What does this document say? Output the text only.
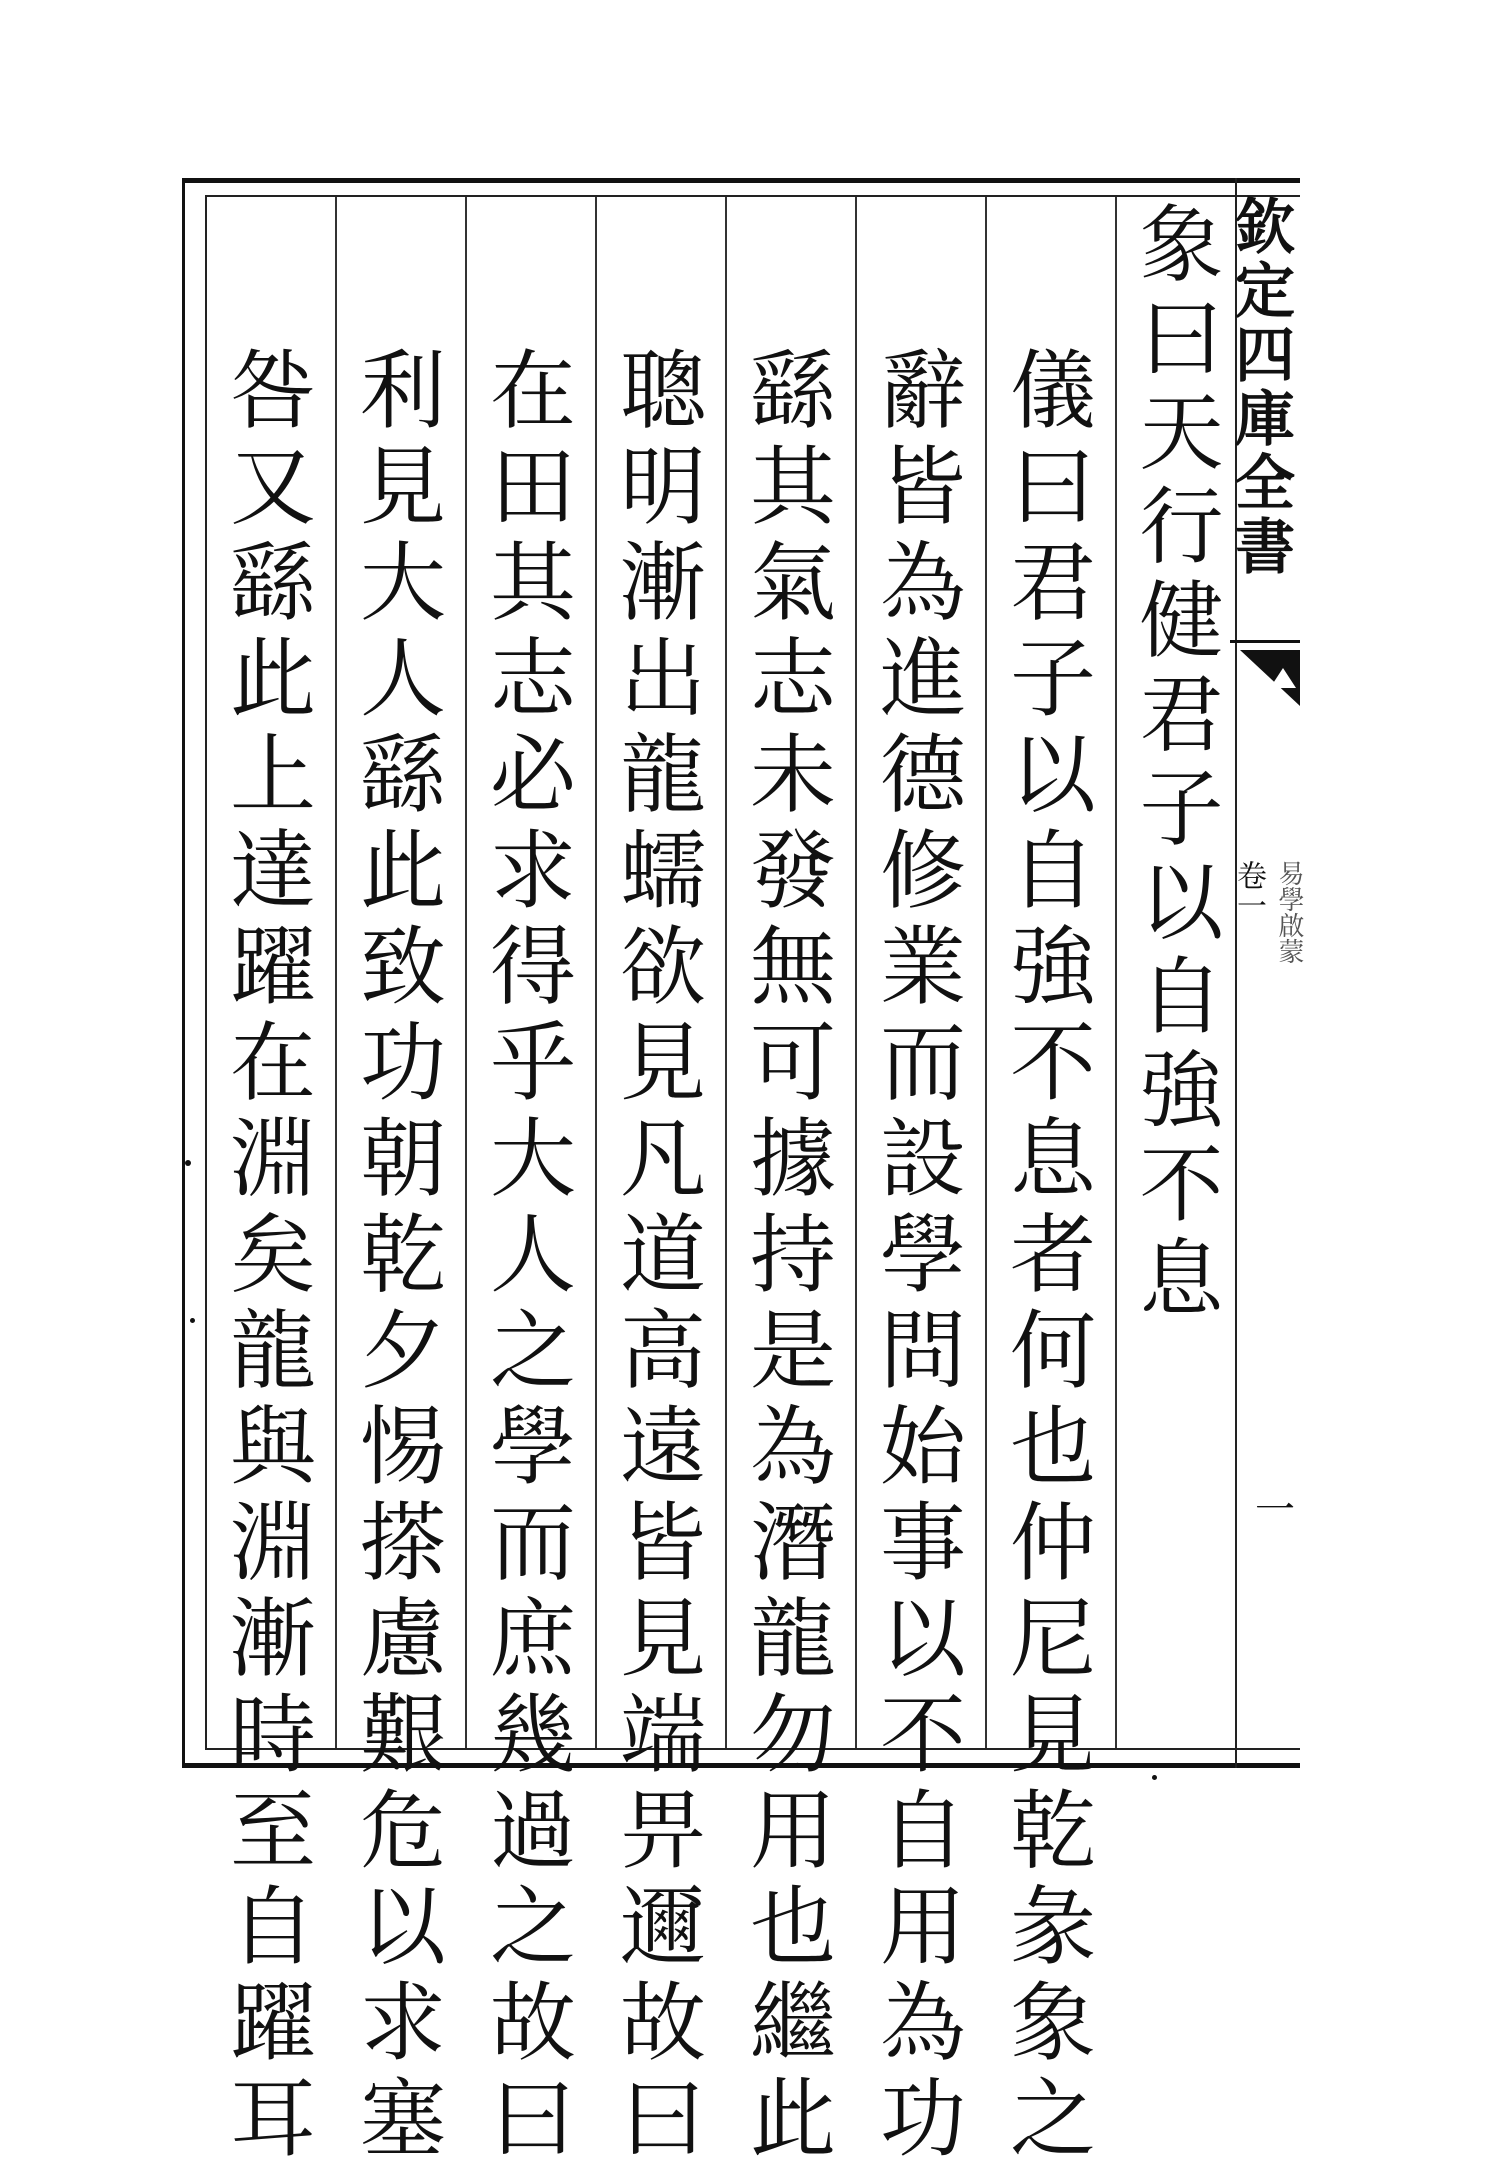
欽定四庫全書
易學啟蒙
卷一
一
象曰天行健君子以自強不息
儀曰君子以自強不息者何也仲尼見乾彖象之
辭皆為進德修業而設學問始事以不自用為功
繇其氣志未發無可據持是為潛龍勿用也繼此
聰明漸出龍蠕欲見凡道高遠皆見端畀邇故曰
在田其志必求得乎大人之學而庶幾過之故曰
利見大人繇此致功朝乾夕惕搽慮艱危以求塞
咎又繇此上達躍在淵矣龍與淵漸時至自躍耳
